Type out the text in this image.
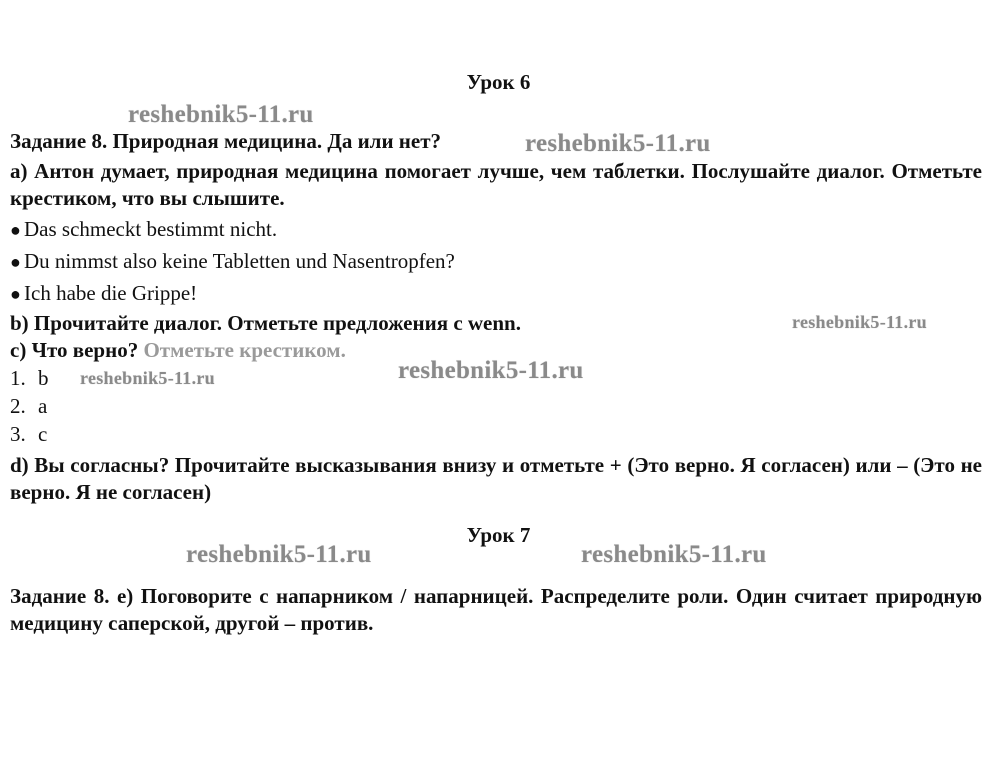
Урок 6
Задание 8. Природная медицина. Да или нет?
а) Антон думает, природная медицина помогает лучше, чем таблетки. Послушайте диалог. Отметьте крестиком, что вы слышите.
● Das schmeckt bestimmt nicht.
● Du nimmst also keine Tabletten und Nasentropfen?
● Ich habe die Grippe!
b) Прочитайте диалог. Отметьте предложения с wenn.
c) Что верно? Отметьте крестиком.
1. b
2. a
3. c
d) Вы согласны? Прочитайте высказывания внизу и отметьте + (Это верно. Я согласен) или – (Это не верно. Я не согласен)
Урок 7
Задание 8. e) Поговорите с напарником / напарницей. Распределите роли. Один считает природную медицину саперской, другой – против.
reshebnik5-11.ru
reshebnik5-11.ru
reshebnik5-11.ru
reshebnik5-11.ru
reshebnik5-11.ru
reshebnik5-11.ru	reshebnik5-11.ru
